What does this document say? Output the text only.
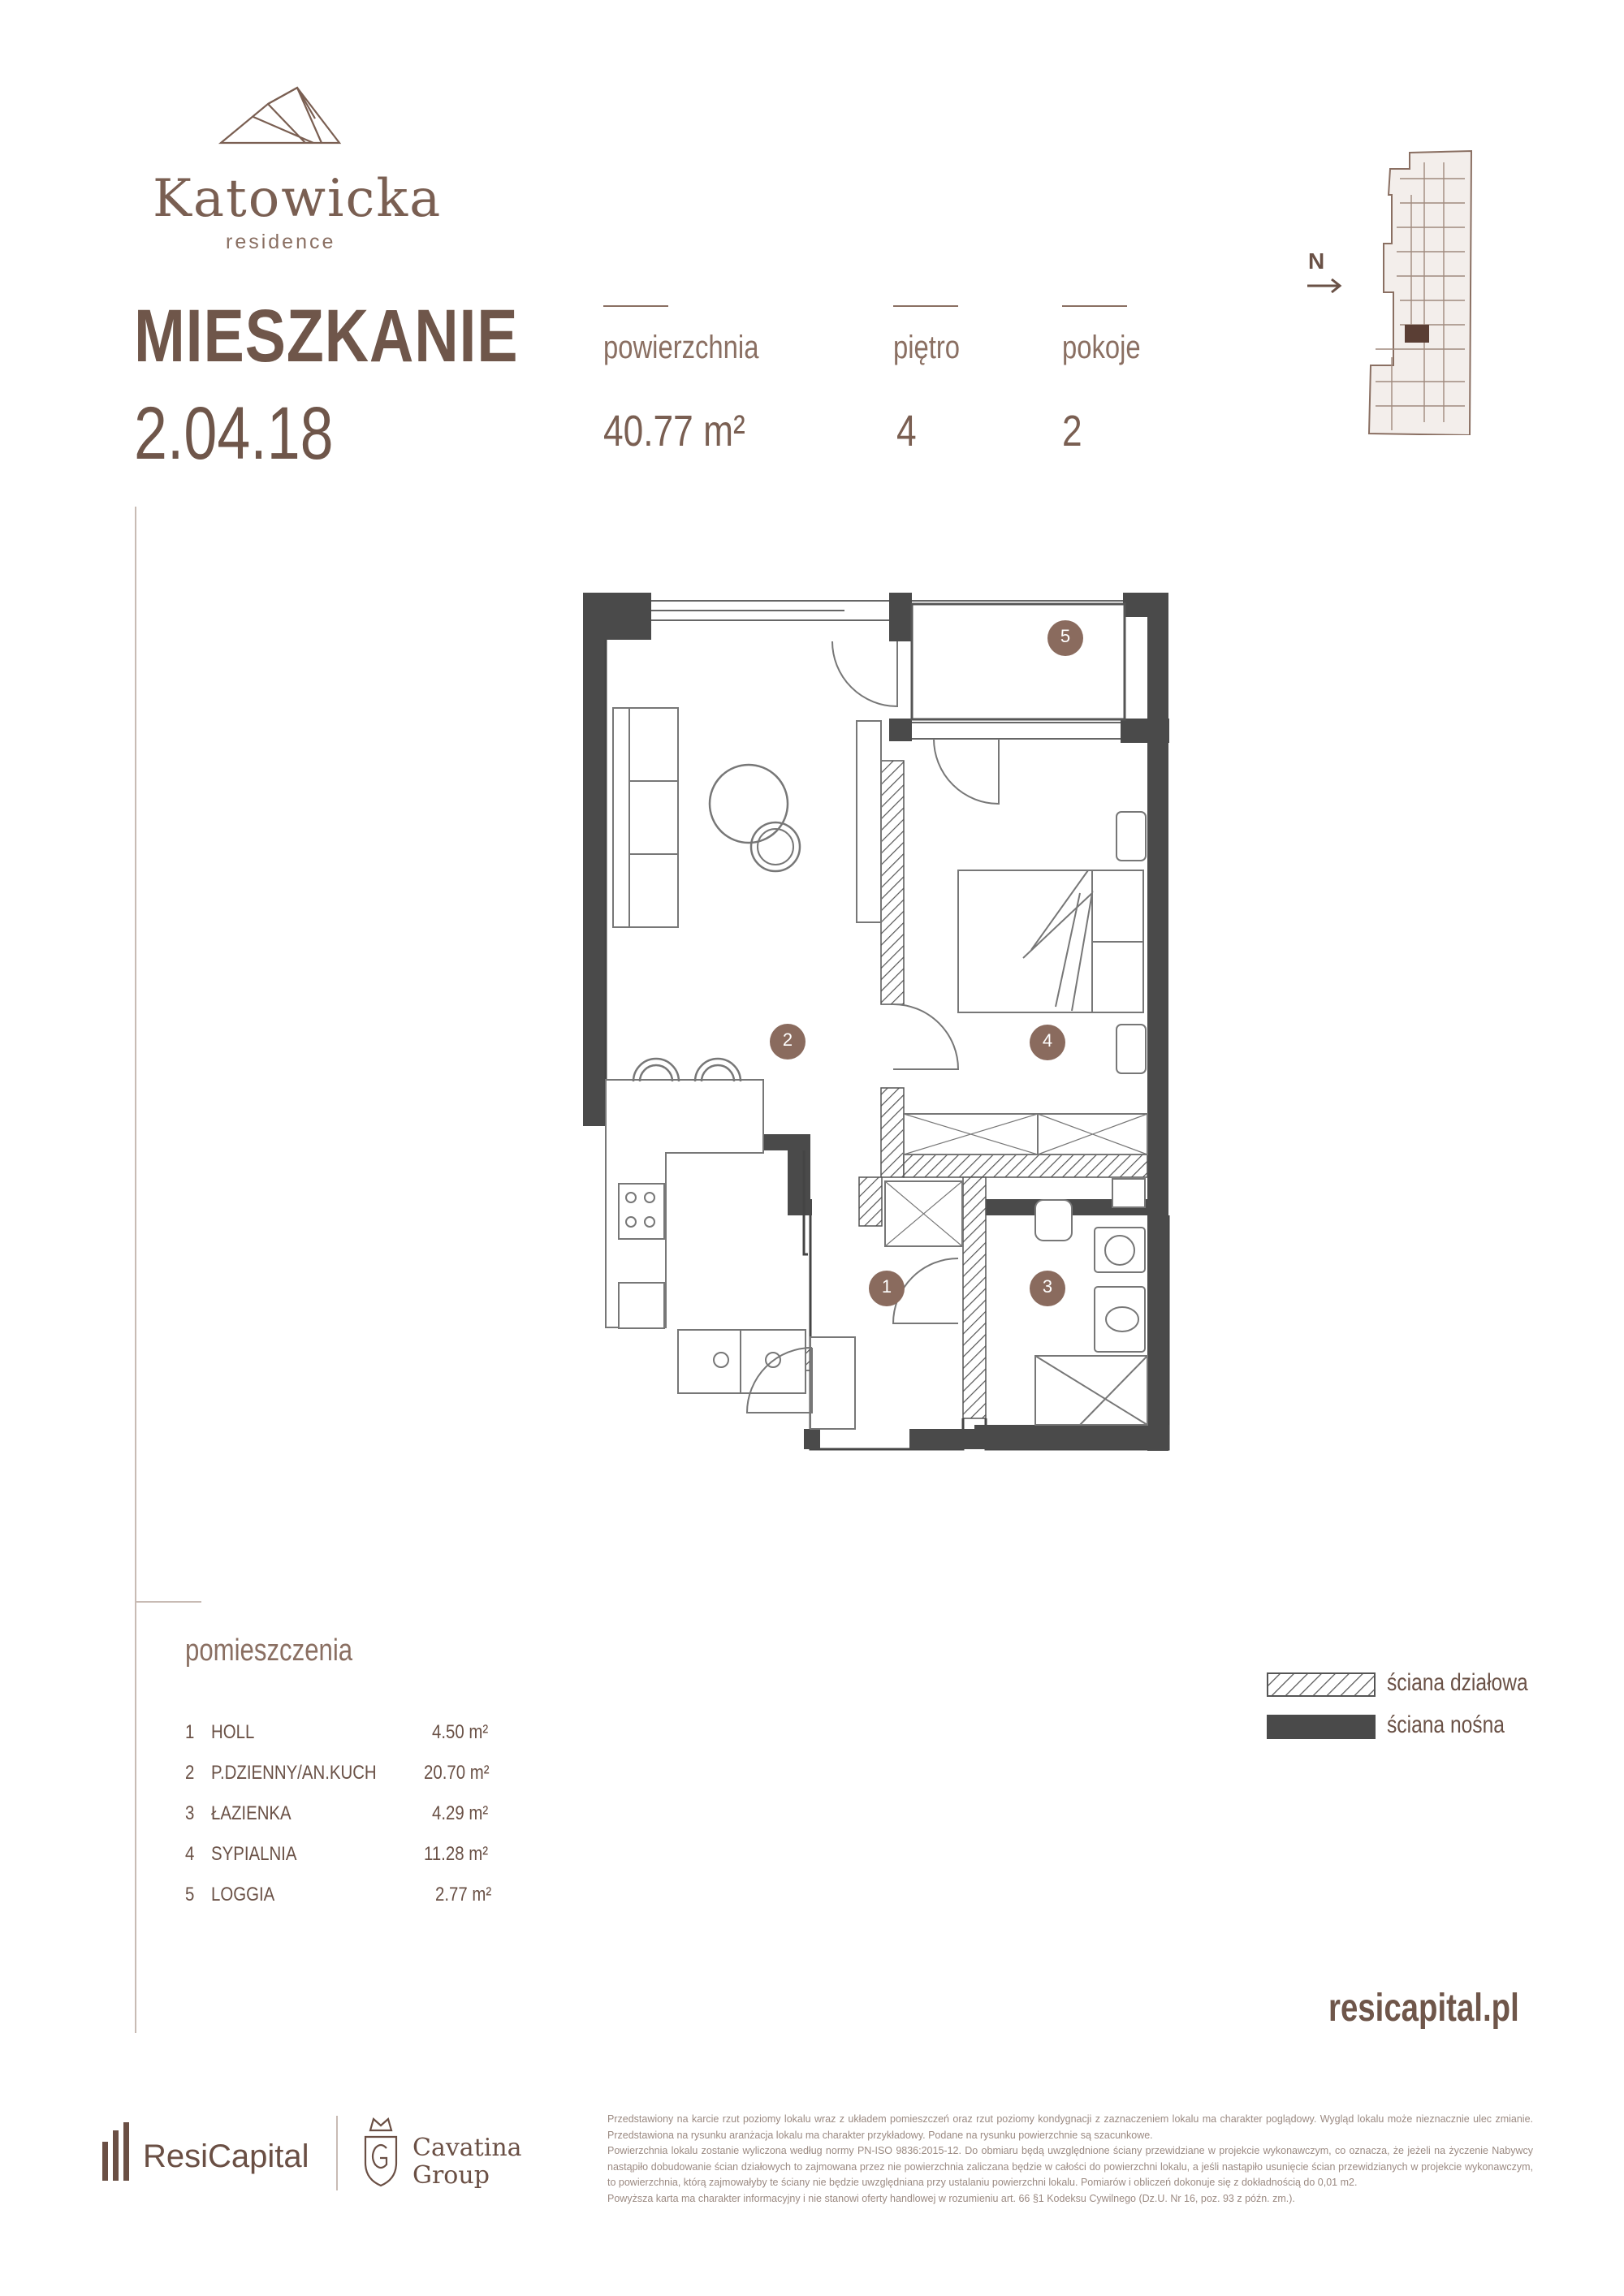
Katowicka
residence
MIESZKANIE
2.04.18
powierzchnia
40.77 m²
piętro
4
pokoje
2
N
5
2	4
1	3
pomieszczenia
1 HOLL	4.50 m²
2 P.DZIENNY/AN.KUCH 20.70 m²
3 ŁAZIENKA	4.29 m²
4 SYPIALNIA	11.28 m²
5 LOGGIA	2.77 m²
ściana działowa
ściana nośna
resicapital.pl
ResiCapital	Cavatina
Group

Przedstawiony na karcie rzut poziomy lokalu wraz z układem pomieszczeń oraz rzut poziomy kondygnacji z zaznaczeniem lokalu ma charakter poglądowy. Wygląd lokalu może nieznacznie ulec zmianie. Przedstawiona na rysunku aranżacja lokalu ma charakter przykładowy. Podane na rysunku powierzchnie są szacunkowe.

Powierzchnia lokalu zostanie wyliczona według normy PN-ISO 9836:2015-12. Do obmiaru będą uwzględnione ściany przewidziane w projekcie wykonawczym, co oznacza, że jeżeli na życzenie Nabywcy nastąpiło dobudowanie ścian działowych to zajmowana przez nie powierzchnia zaliczana będzie w całości do powierzchni lokalu, a jeśli nastąpiło usunięcie ścian przewidzianych w projekcie wykonawczym, to powierzchnia, którą zajmowałyby te ściany nie będzie uwzględniana przy ustalaniu powierzchni lokalu. Pomiarów i obliczeń dokonuje się z dokładnością do 0,01 m2.

Powyższa karta ma charakter informacyjny i nie stanowi oferty handlowej w rozumieniu art. 66 §1 Kodeksu Cywilnego (Dz.U. Nr 16, poz. 93 z późn. zm.).
